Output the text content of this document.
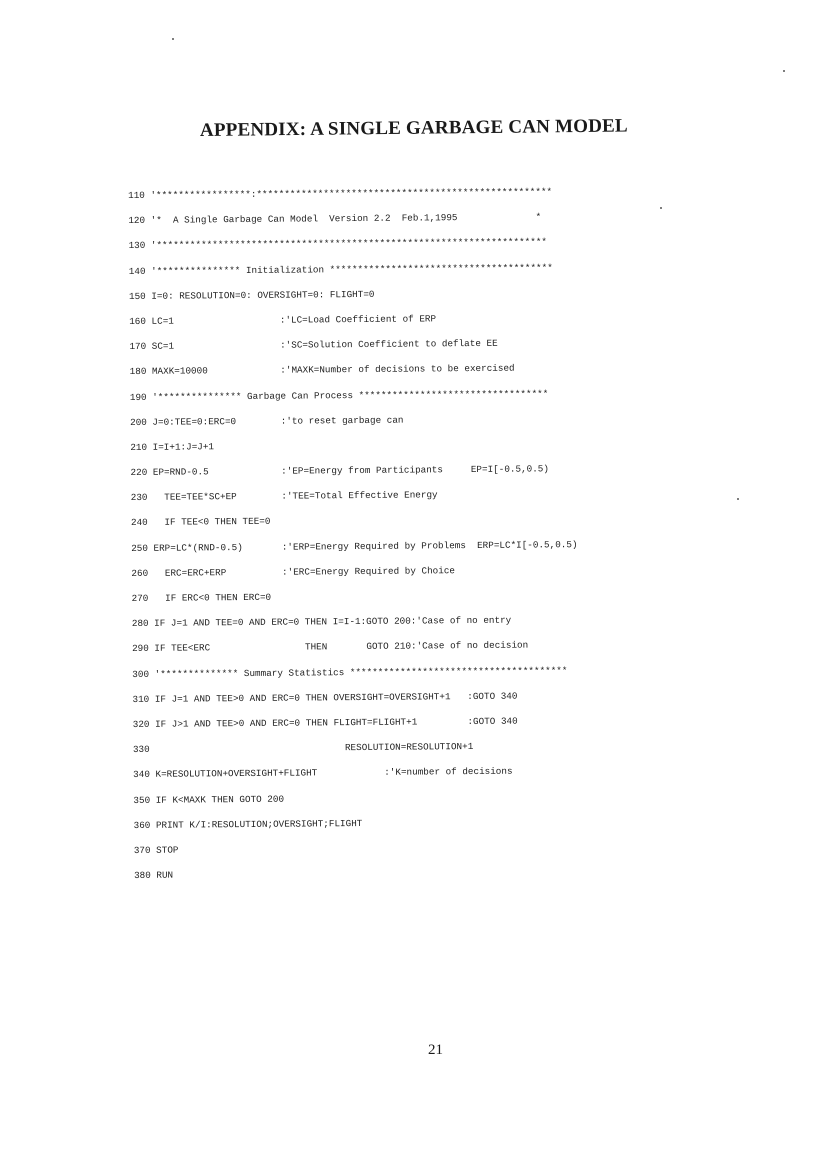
APPENDIX: A SINGLE GARBAGE CAN MODEL
110 '*****************:*****************************************************
120 '*  A Single Garbage Can Model  Version 2.2  Feb.1,1995              *
130 '**********************************************************************
140 '*************** Initialization ****************************************
150 I=0: RESOLUTION=0: OVERSIGHT=0: FLIGHT=0
160 LC=1                   :'LC=Load Coefficient of ERP
170 SC=1                   :'SC=Solution Coefficient to deflate EE
180 MAXK=10000             :'MAXK=Number of decisions to be exercised
190 '*************** Garbage Can Process **********************************
200 J=0:TEE=0:ERC=0        :'to reset garbage can
210 I=I+1:J=J+1
220 EP=RND-0.5             :'EP=Energy from Participants     EP=I[-0.5,0.5)
230   TEE=TEE*SC+EP        :'TEE=Total Effective Energy
240   IF TEE<0 THEN TEE=0
250 ERP=LC*(RND-0.5)       :'ERP=Energy Required by Problems  ERP=LC*I[-0.5,0.5)
260   ERC=ERC+ERP          :'ERC=Energy Required by Choice
270   IF ERC<0 THEN ERC=0
280 IF J=1 AND TEE=0 AND ERC=0 THEN I=I-1:GOTO 200:'Case of no entry
290 IF TEE<ERC                 THEN       GOTO 210:'Case of no decision
300 '************** Summary Statistics ***************************************
310 IF J=1 AND TEE>0 AND ERC=0 THEN OVERSIGHT=OVERSIGHT+1   :GOTO 340
320 IF J>1 AND TEE>0 AND ERC=0 THEN FLIGHT=FLIGHT+1         :GOTO 340
330                                   RESOLUTION=RESOLUTION+1
340 K=RESOLUTION+OVERSIGHT+FLIGHT            :'K=number of decisions
350 IF K<MAXK THEN GOTO 200
360 PRINT K/I:RESOLUTION;OVERSIGHT;FLIGHT
370 STOP
380 RUN
21
